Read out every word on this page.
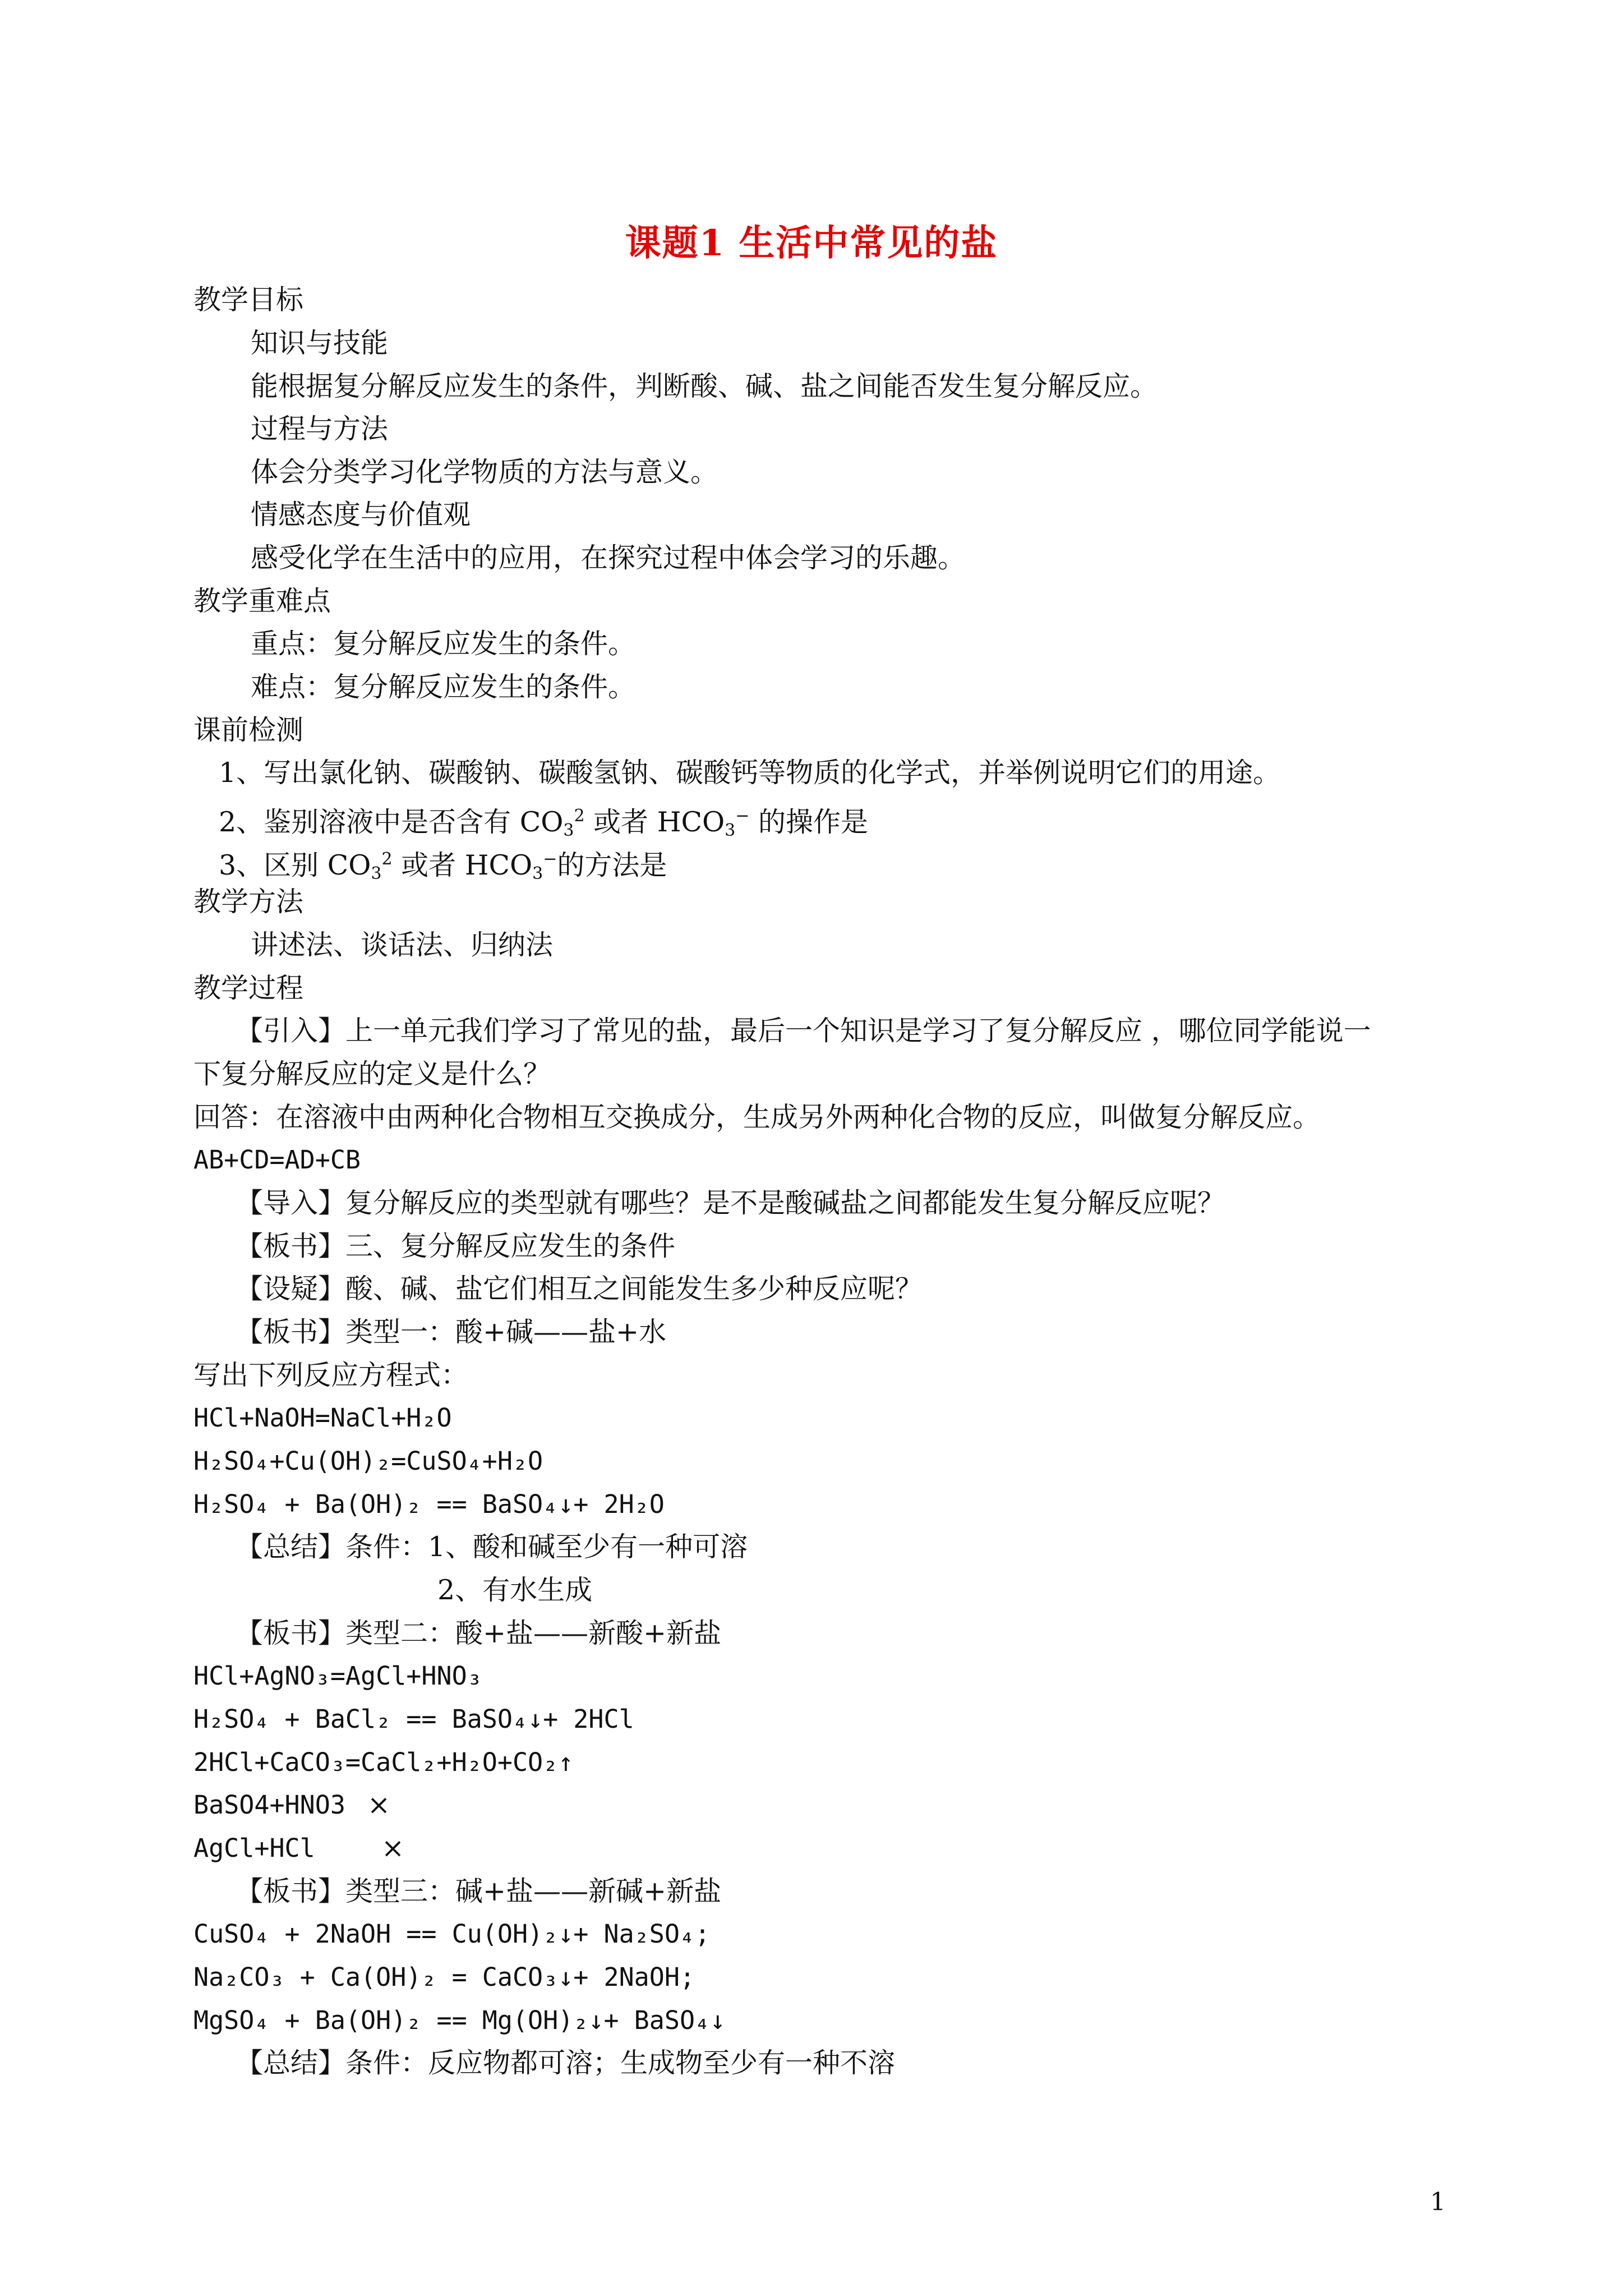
课题1 生活中常见的盐
教学目标
知识与技能
能根据复分解反应发生的条件，判断酸、碱、盐之间能否发生复分解反应。
过程与方法
体会分类学习化学物质的方法与意义。
情感态度与价值观
感受化学在生活中的应用，在探究过程中体会学习的乐趣。
教学重难点
重点：复分解反应发生的条件。
难点：复分解反应发生的条件。
课前检测
1、写出氯化钠、碳酸钠、碳酸氢钠、碳酸钙等物质的化学式，并举例说明它们的用途。
2、鉴别溶液中是否含有 $CO_3^2$ 或者 $HCO_3^-$ 的操作是
3、区别 $CO_3^2$ 或者 $HCO_3^-$的方法是
教学方法
讲述法、谈话法、归纳法
教学过程
【引入】上一单元我们学习了常见的盐，最后一个知识是学习了复分解反应 ，哪位同学能说一
下复分解反应的定义是什么？
回答：在溶液中由两种化合物相互交换成分，生成另外两种化合物的反应，叫做复分解反应。
AB+CD=AD+CB
【导入】复分解反应的类型就有哪些？是不是酸碱盐之间都能发生复分解反应呢？
【板书】三、复分解反应发生的条件
【设疑】酸、碱、盐它们相互之间能发生多少种反应呢？
【板书】类型一：酸+碱——盐+水
写出下列反应方程式：
HCl+NaOH=NaCl+H₂O
H₂SO₄+Cu(OH)₂=CuSO₄+H₂O
H₂SO₄ + Ba(OH)₂ == BaSO₄↓+ 2H₂O
【总结】条件：1、酸和碱至少有一种可溶
2、有水生成
【板书】类型二：酸+盐——新酸+新盐
HCl+AgNO₃=AgCl+HNO₃
H₂SO₄ + BaCl₂ == BaSO₄↓+ 2HCl
2HCl+CaCO₃=CaCl₂+H₂O+CO₂↑
BaSO4+HNO3 ×
AgCl+HCl ×
【板书】类型三：碱+盐——新碱+新盐
CuSO₄ + 2NaOH == Cu(OH)₂↓+ Na₂SO₄;
Na₂CO₃ + Ca(OH)₂ = CaCO₃↓+ 2NaOH;
MgSO₄ + Ba(OH)₂ == Mg(OH)₂↓+ BaSO₄↓
【总结】条件：反应物都可溶；生成物至少有一种不溶
1
